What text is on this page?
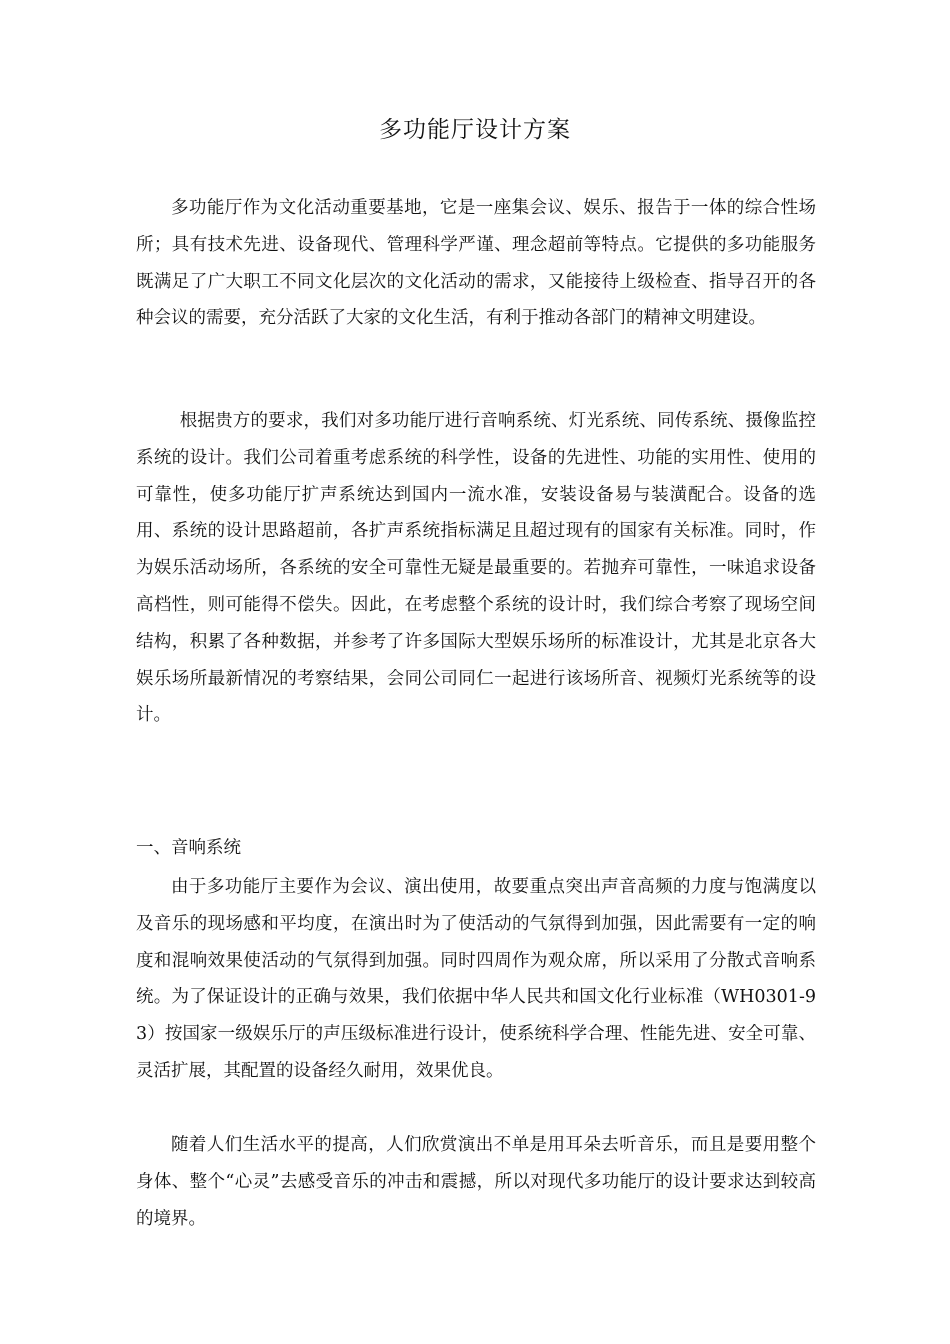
多功能厅设计方案

多功能厅作为文化活动重要基地，它是一座集会议、娱乐、报告于一体的综合性场所；具有技术先进、设备现代、管理科学严谨、理念超前等特点。它提供的多功能服务既满足了广大职工不同文化层次的文化活动的需求，又能接待上级检查、指导召开的各种会议的需要，充分活跃了大家的文化生活，有利于推动各部门的精神文明建设。

根据贵方的要求，我们对多功能厅进行音响系统、灯光系统、同传系统、摄像监控系统的设计。我们公司着重考虑系统的科学性，设备的先进性、功能的实用性、使用的可靠性，使多功能厅扩声系统达到国内一流水准，安装设备易与装潢配合。设备的选用、系统的设计思路超前，各扩声系统指标满足且超过现有的国家有关标准。同时，作为娱乐活动场所，各系统的安全可靠性无疑是最重要的。若抛弃可靠性，一味追求设备高档性，则可能得不偿失。因此，在考虑整个系统的设计时，我们综合考察了现场空间结构，积累了各种数据，并参考了许多国际大型娱乐场所的标准设计，尤其是北京各大娱乐场所最新情况的考察结果，会同公司同仁一起进行该场所音、视频灯光系统等的设计。

一、音响系统

由于多功能厅主要作为会议、演出使用，故要重点突出声音高频的力度与饱满度以及音乐的现场感和平均度，在演出时为了使活动的气氛得到加强，因此需要有一定的响度和混响效果使活动的气氛得到加强。同时四周作为观众席，所以采用了分散式音响系统。为了保证设计的正确与效果，我们依据中华人民共和国文化行业标准（WH0301-93）按国家一级娱乐厅的声压级标准进行设计，使系统科学合理、性能先进、安全可靠、灵活扩展，其配置的设备经久耐用，效果优良。

随着人们生活水平的提高，人们欣赏演出不单是用耳朵去听音乐，而且是要用整个身体、整个“心灵”去感受音乐的冲击和震撼，所以对现代多功能厅的设计要求达到较高的境界。
